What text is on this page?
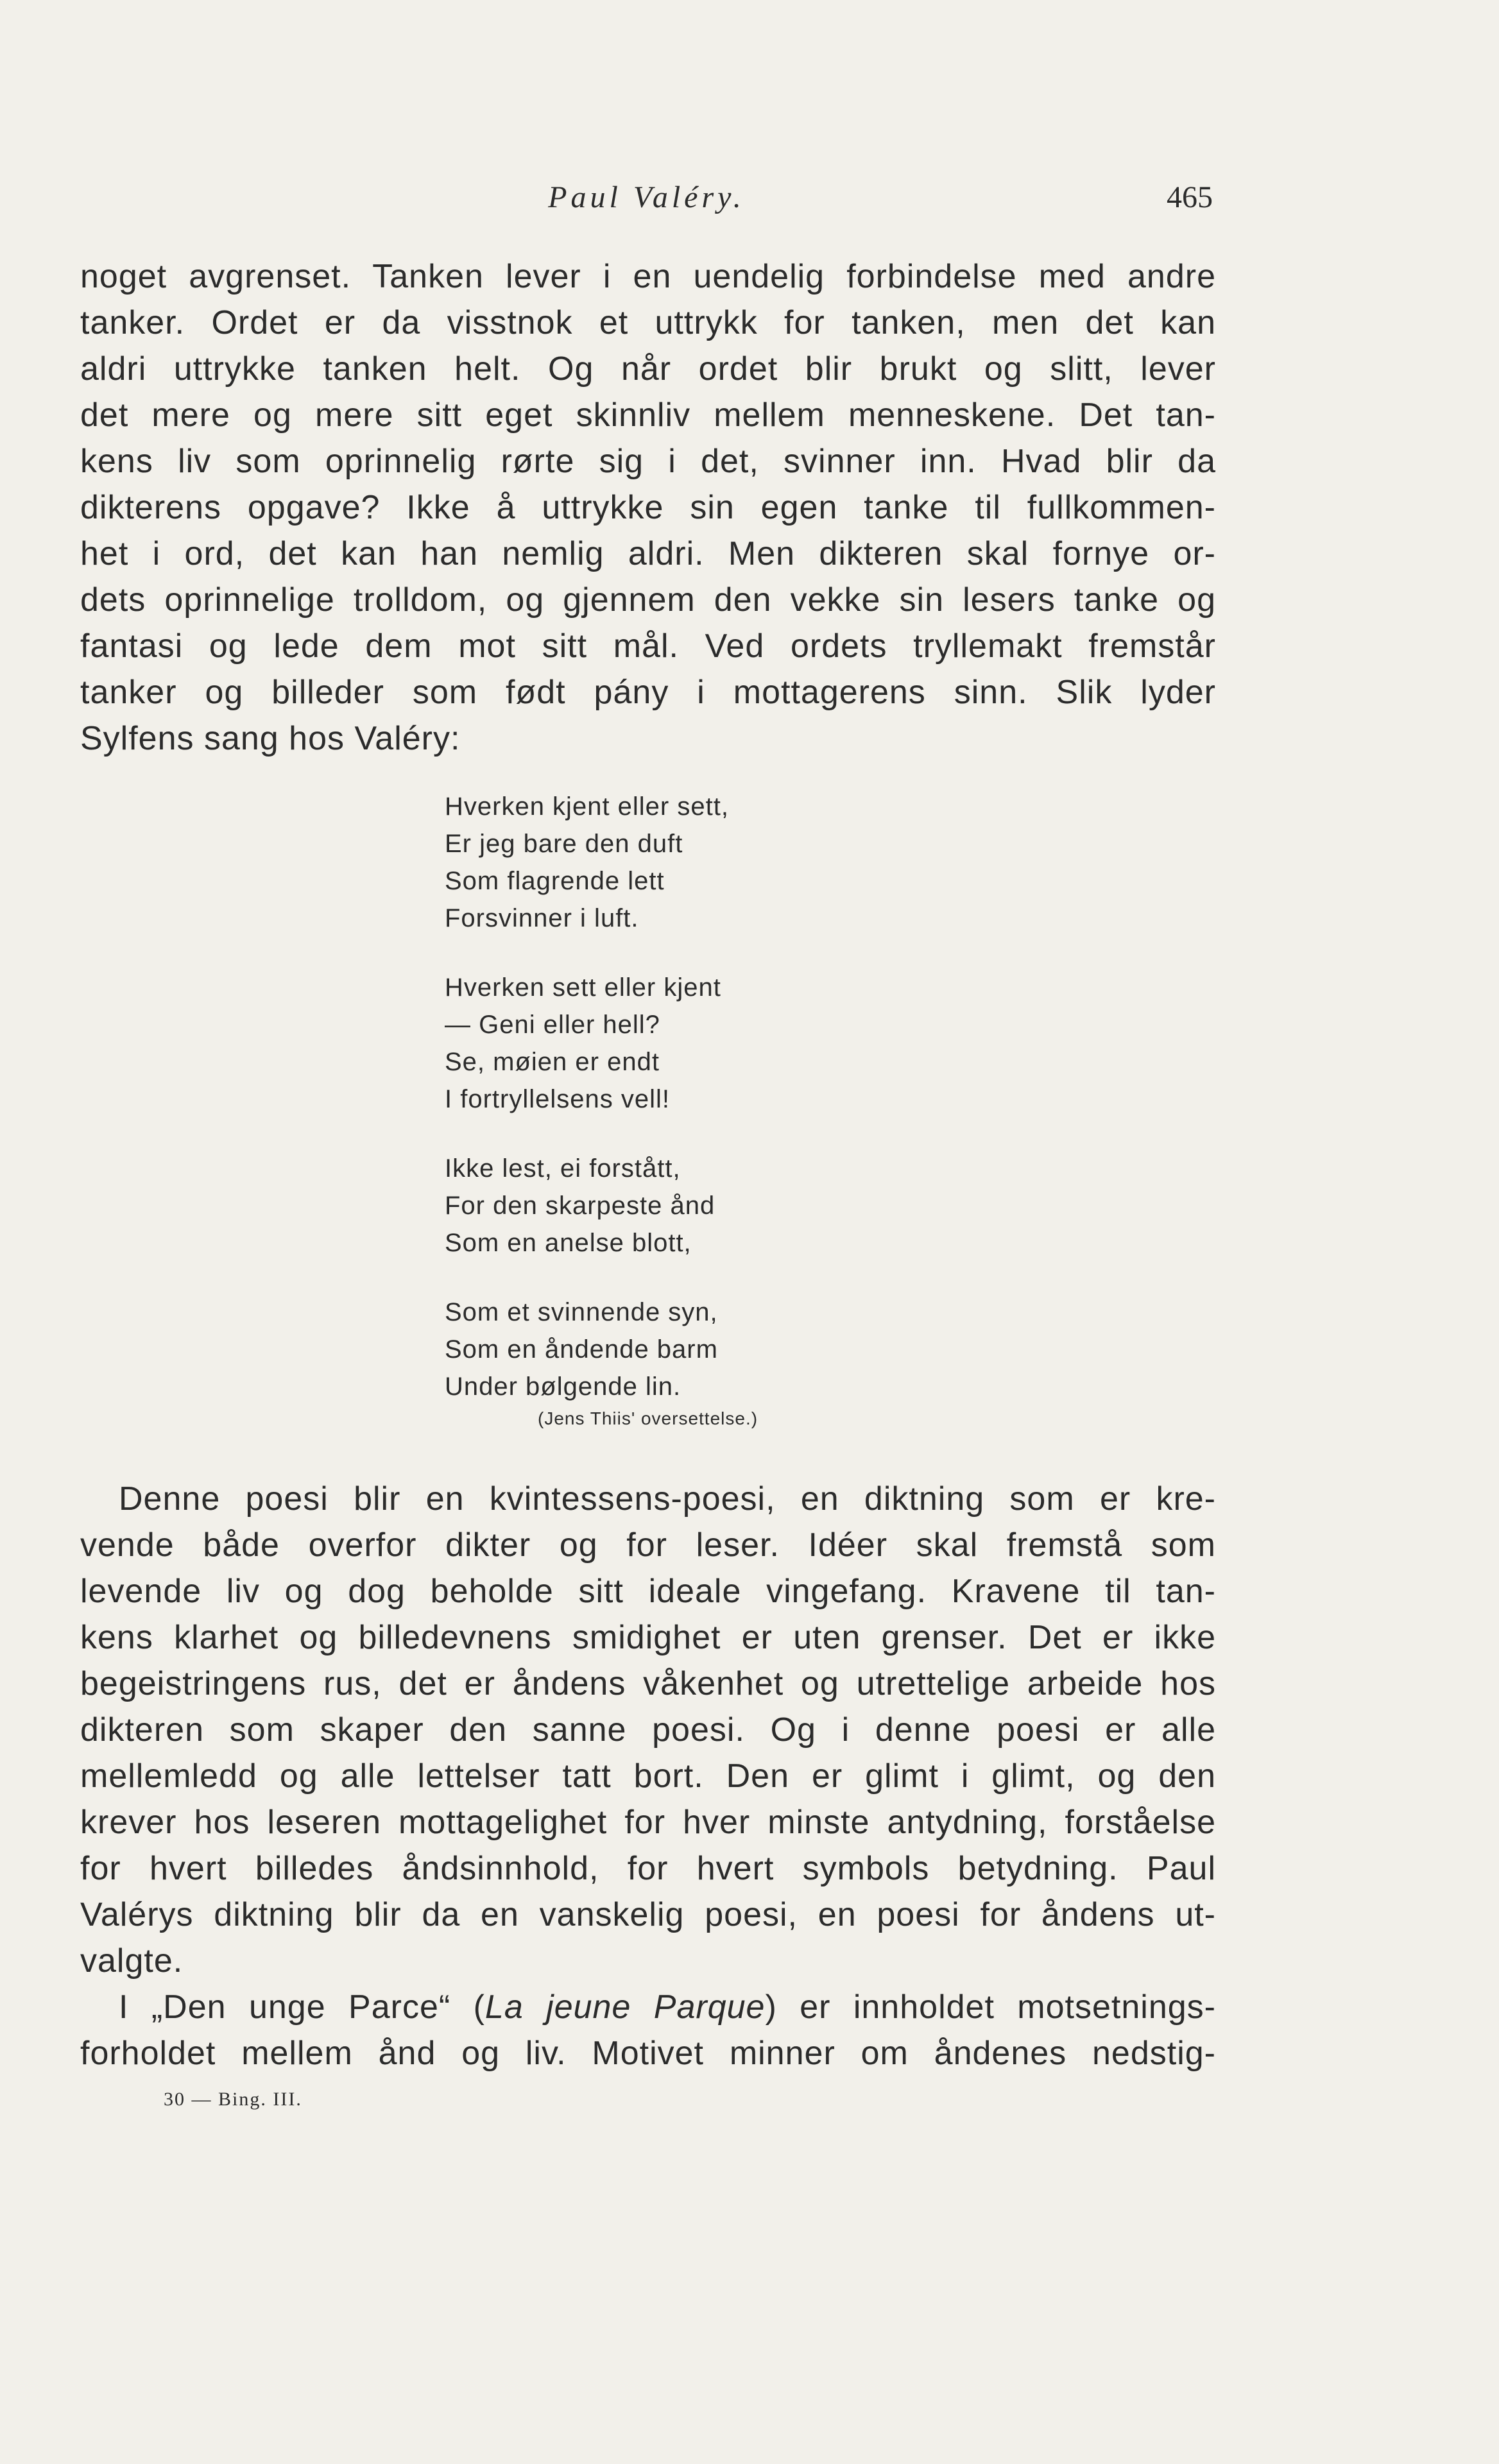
Paul Valéry.	465
noget avgrenset. Tanken lever i en uendelig forbindelse med andre
tanker. Ordet er da visstnok et uttrykk for tanken, men det kan
aldri uttrykke tanken helt. Og når ordet blir brukt og slitt, lever
det mere og mere sitt eget skinnliv mellem menneskene. Det tan-
kens liv som oprinnelig rørte sig i det, svinner inn. Hvad blir da
dikterens opgave? Ikke å uttrykke sin egen tanke til fullkommen-
het i ord, det kan han nemlig aldri. Men dikteren skal fornye or-
dets oprinnelige trolldom, og gjennem den vekke sin lesers tanke og
fantasi og lede dem mot sitt mål. Ved ordets tryllemakt fremstår
tanker og billeder som født pány i mottagerens sinn. Slik lyder
Sylfens sang hos Valéry:
Hverken kjent eller sett,
Er jeg bare den duft
Som flagrende lett
Forsvinner i luft.
Hverken sett eller kjent
— Geni eller hell?
Se, møien er endt
I fortryllelsens vell!
Ikke lest, ei forstått,
For den skarpeste ånd
Som en anelse blott,
Som et svinnende syn,
Som en åndende barm
Under bølgende lin.
(Jens Thiis' oversettelse.)
Denne poesi blir en kvintessens-poesi, en diktning som er kre-
vende både overfor dikter og for leser. Idéer skal fremstå som
levende liv og dog beholde sitt ideale vingefang. Kravene til tan-
kens klarhet og billedevnens smidighet er uten grenser. Det er ikke
begeistringens rus, det er åndens våkenhet og utrettelige arbeide hos
dikteren som skaper den sanne poesi. Og i denne poesi er alle
mellemledd og alle lettelser tatt bort. Den er glimt i glimt, og den
krever hos leseren mottagelighet for hver minste antydning, forståelse
for hvert billedes åndsinnhold, for hvert symbols betydning. Paul
Valérys diktning blir da en vanskelig poesi, en poesi for åndens ut-
valgte.
I „Den unge Parce“ (La jeune Parque) er innholdet motsetnings-
forholdet mellem ånd og liv. Motivet minner om åndenes nedstig-
30 — Bing. III.
